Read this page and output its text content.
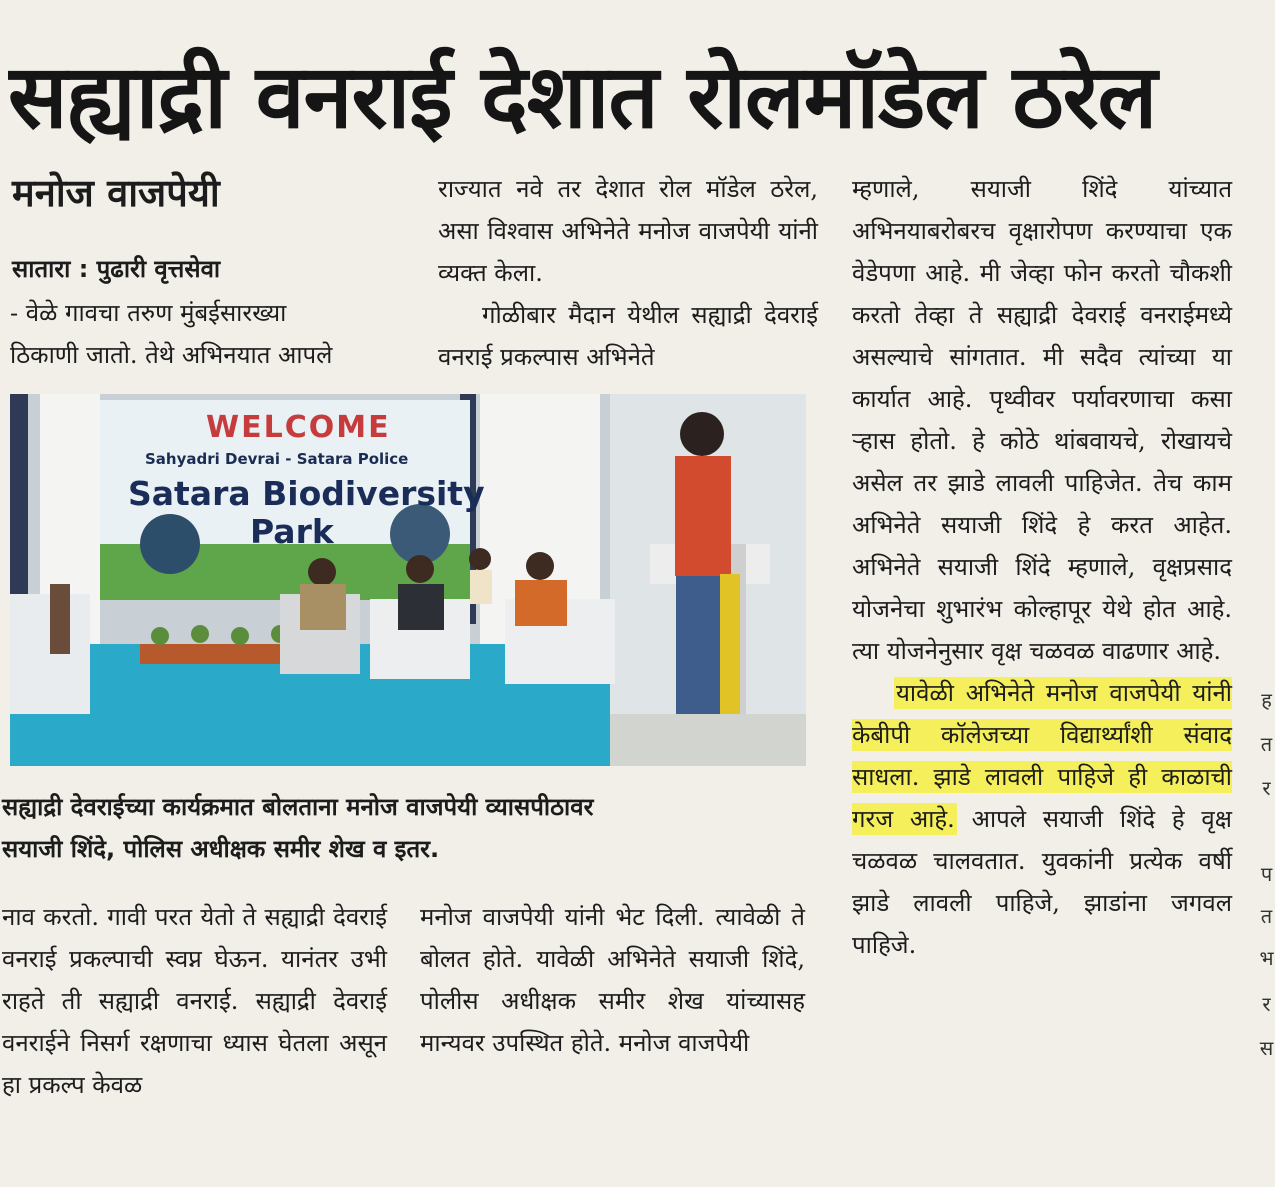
सह्याद्री वनराई देशात रोलमॉडेल ठरेल
मनोज वाजपेयी
सातारा : पुढारी वृत्तसेवा

- वेळे गावचा तरुण मुंबईसारख्या

ठिकाणी जातो. तेथे अभिनयात आपले

राज्यात नवे तर देशात रोल मॉडेल ठरेल, असा विश्वास अभिनेते मनोज वाजपेयी यांनी व्यक्त केला.

गोळीबार मैदान येथील सह्याद्री देवराई वनराई प्रकल्पास अभिनेते

म्हणाले, सयाजी शिंदे यांच्यात अभिनयाबरोबरच वृक्षारोपण करण्याचा एक वेडेपणा आहे. मी जेव्हा फोन करतो चौकशी करतो तेव्हा ते सह्याद्री देवराई वनराईमध्ये असल्याचे सांगतात. मी सदैव त्यांच्या या कार्यात आहे. पृथ्वीवर पर्यावरणाचा कसा ऱ्हास होतो. हे कोठे थांबवायचे, रोखायचे असेल तर झाडे लावली पाहिजेत. तेच काम अभिनेते सयाजी शिंदे हे करत आहेत. अभिनेते सयाजी शिंदे म्हणाले, वृक्षप्रसाद योजनेचा शुभारंभ कोल्हापूर येथे होत आहे. त्या योजनेनुसार वृक्ष चळवळ वाढणार आहे.

यावेळी अभिनेते मनोज वाजपेयी यांनी केबीपी कॉलेजच्या विद्यार्थ्यांशी संवाद साधला. झाडे लावली पाहिजे ही काळाची गरज आहे. आपले सयाजी शिंदे हे वृक्ष चळवळ चालवतात. युवकांनी प्रत्येक वर्षी झाडे लावली पाहिजे, झाडांना जगवल पाहिजे.

WELCOME
Sahyadri Devrai - Satara Police
Satara Biodiversity
Park

सह्याद्री देवराईच्या कार्यक्रमात बोलताना मनोज वाजपेयी व्यासपीठावर

सयाजी शिंदे, पोलिस अधीक्षक समीर शेख व इतर.

नाव करतो. गावी परत येतो ते सह्याद्री देवराई वनराई प्रकल्पाची स्वप्न घेऊन. यानंतर उभी राहते ती सह्याद्री वनराई. सह्याद्री देवराई वनराईने निसर्ग रक्षणाचा ध्यास घेतला असून हा प्रकल्प केवळ

मनोज वाजपेयी यांनी भेट दिली. त्यावेळी ते बोलत होते. यावेळी अभिनेते सयाजी शिंदे, पोलीस अधीक्षक समीर शेख यांच्यासह मान्यवर उपस्थित होते. मनोज वाजपेयी

ह
त
र
प
त
भ
र
स
